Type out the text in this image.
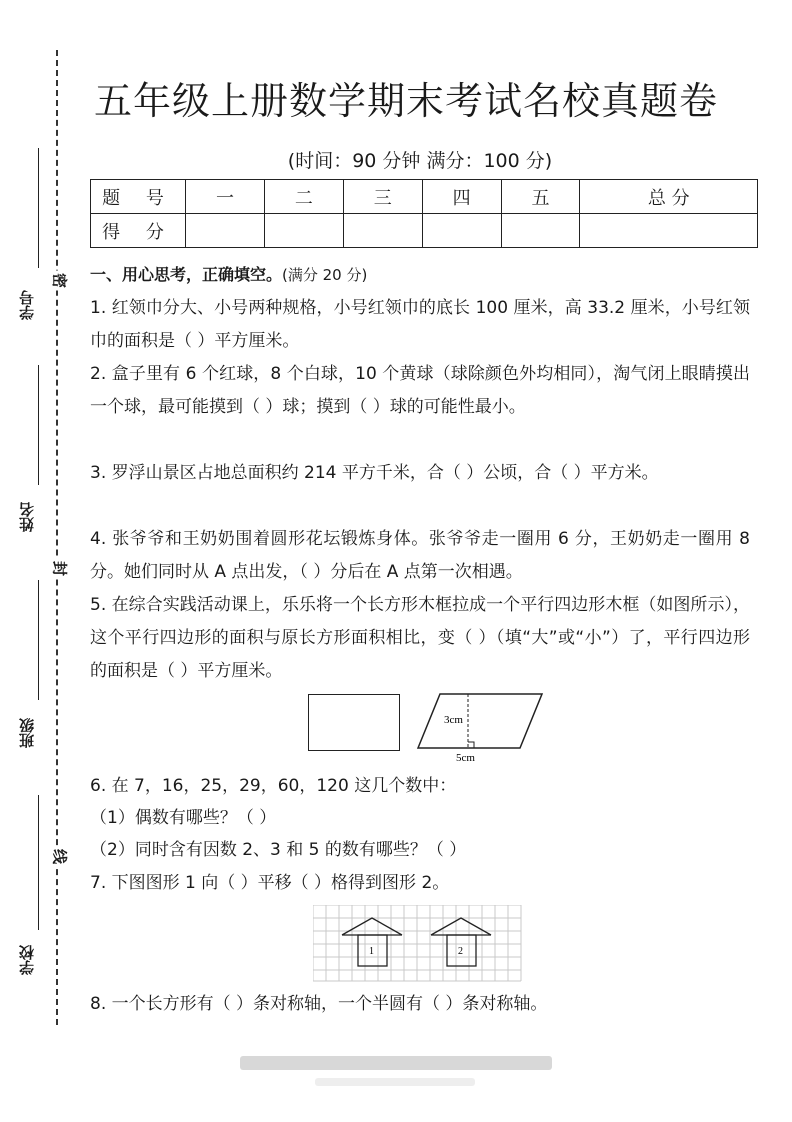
学号
姓名
班级
学校
密
封
线
五年级上册数学期末考试名校真题卷
(时间：90 分钟 满分：100 分)
题 号	一	二	三	四	五	总 分
得 分						
一、用心思考，正确填空。(满分 20 分)
1. 红领巾分大、小号两种规格，小号红领巾的底长 100 厘米，高 33.2 厘米，小号红领巾的面积是（ ）平方厘米。
2. 盒子里有 6 个红球，8 个白球，10 个黄球（球除颜色外均相同），淘气闭上眼睛摸出一个球，最可能摸到（ ）球；摸到（ ）球的可能性最小。
3. 罗浮山景区占地总面积约 214 平方千米，合（ ）公顷，合（ ）平方米。
4. 张爷爷和王奶奶围着圆形花坛锻炼身体。张爷爷走一圈用 6 分，王奶奶走一圈用 8 分。她们同时从 A 点出发，（ ）分后在 A 点第一次相遇。
5. 在综合实践活动课上，乐乐将一个长方形木框拉成一个平行四边形木框（如图所示），这个平行四边形的面积与原长方形面积相比，变（ ）（填“大”或“小”）了，平行四边形的面积是（ ）平方厘米。
3cm
5cm
6. 在 7，16，25，29，60，120 这几个数中：
（1）偶数有哪些？（ ）
（2）同时含有因数 2、3 和 5 的数有哪些？（ ）
7. 下图图形 1 向（ ）平移（ ）格得到图形 2。
1	2
8. 一个长方形有（ ）条对称轴，一个半圆有（ ）条对称轴。
